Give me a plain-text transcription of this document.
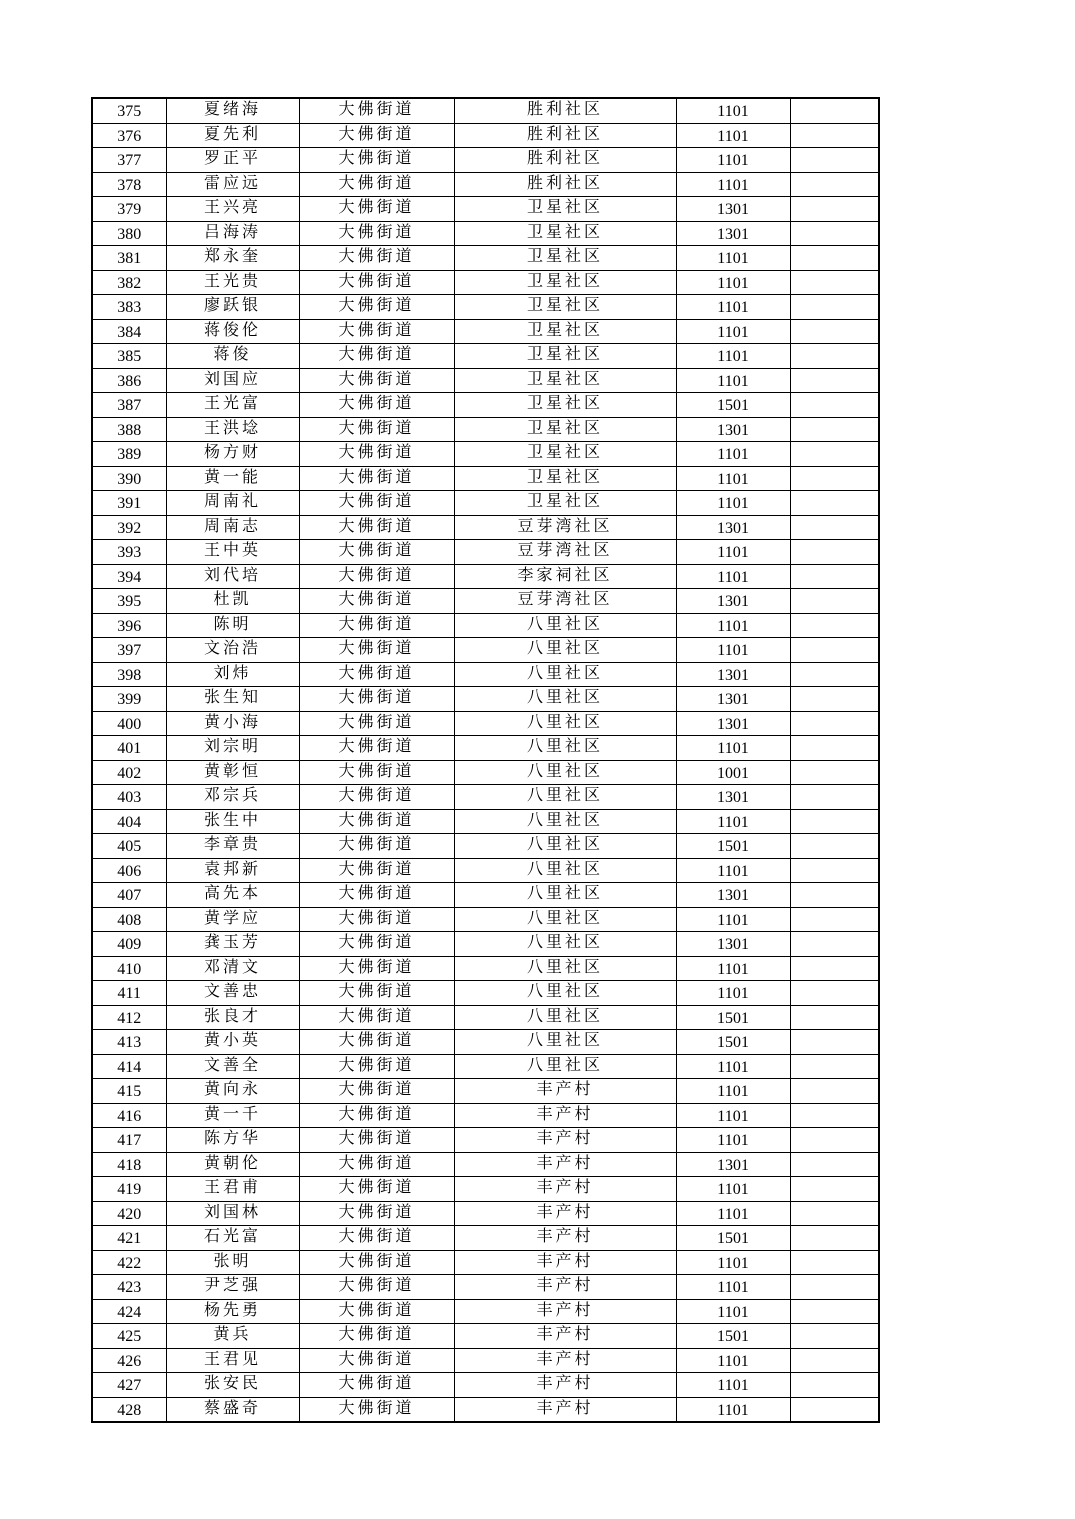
375	夏绪海	大佛街道	胜利社区	1101	
376	夏先利	大佛街道	胜利社区	1101	
377	罗正平	大佛街道	胜利社区	1101	
378	雷应远	大佛街道	胜利社区	1101	
379	王兴亮	大佛街道	卫星社区	1301	
380	吕海涛	大佛街道	卫星社区	1301	
381	郑永奎	大佛街道	卫星社区	1101	
382	王光贵	大佛街道	卫星社区	1101	
383	廖跃银	大佛街道	卫星社区	1101	
384	蒋俊伦	大佛街道	卫星社区	1101	
385	蒋俊	大佛街道	卫星社区	1101	
386	刘国应	大佛街道	卫星社区	1101	
387	王光富	大佛街道	卫星社区	1501	
388	王洪埝	大佛街道	卫星社区	1301	
389	杨方财	大佛街道	卫星社区	1101	
390	黄一能	大佛街道	卫星社区	1101	
391	周南礼	大佛街道	卫星社区	1101	
392	周南志	大佛街道	豆芽湾社区	1301	
393	王中英	大佛街道	豆芽湾社区	1101	
394	刘代培	大佛街道	李家祠社区	1101	
395	杜凯	大佛街道	豆芽湾社区	1301	
396	陈明	大佛街道	八里社区	1101	
397	文治浩	大佛街道	八里社区	1101	
398	刘炜	大佛街道	八里社区	1301	
399	张生知	大佛街道	八里社区	1301	
400	黄小海	大佛街道	八里社区	1301	
401	刘宗明	大佛街道	八里社区	1101	
402	黄彰恒	大佛街道	八里社区	1001	
403	邓宗兵	大佛街道	八里社区	1301	
404	张生中	大佛街道	八里社区	1101	
405	李章贵	大佛街道	八里社区	1501	
406	袁邦新	大佛街道	八里社区	1101	
407	高先本	大佛街道	八里社区	1301	
408	黄学应	大佛街道	八里社区	1101	
409	龚玉芳	大佛街道	八里社区	1301	
410	邓清文	大佛街道	八里社区	1101	
411	文善忠	大佛街道	八里社区	1101	
412	张良才	大佛街道	八里社区	1501	
413	黄小英	大佛街道	八里社区	1501	
414	文善全	大佛街道	八里社区	1101	
415	黄向永	大佛街道	丰产村	1101	
416	黄一千	大佛街道	丰产村	1101	
417	陈方华	大佛街道	丰产村	1101	
418	黄朝伦	大佛街道	丰产村	1301	
419	王君甫	大佛街道	丰产村	1101	
420	刘国林	大佛街道	丰产村	1101	
421	石光富	大佛街道	丰产村	1501	
422	张明	大佛街道	丰产村	1101	
423	尹芝强	大佛街道	丰产村	1101	
424	杨先勇	大佛街道	丰产村	1101	
425	黄兵	大佛街道	丰产村	1501	
426	王君见	大佛街道	丰产村	1101	
427	张安民	大佛街道	丰产村	1101	
428	蔡盛奇	大佛街道	丰产村	1101	
